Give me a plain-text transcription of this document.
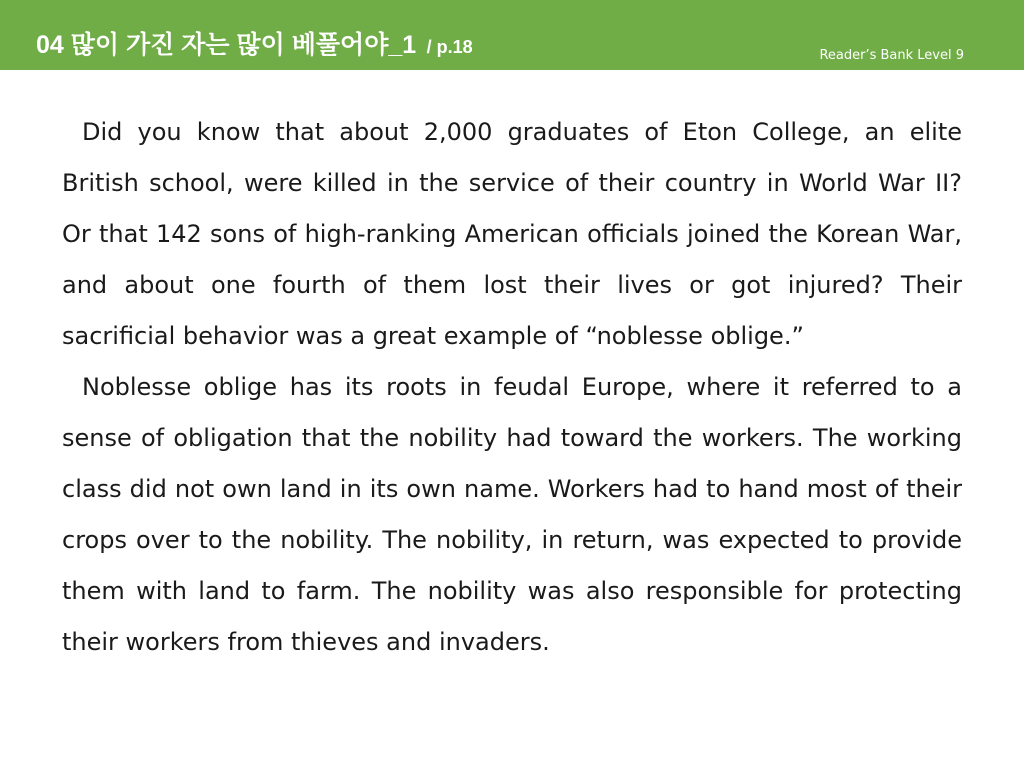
04 많이 가진 자는 많이 베풀어야_1 / p.18	Reader’s Bank Level 9

Did you know that about 2,000 graduates of Eton College, an elite British school, were killed in the service of their country in World War II? Or that 142 sons of high-ranking American officials joined the Korean War, and about one fourth of them lost their lives or got injured? Their sacrificial behavior was a great example of “noblesse oblige.”

Noblesse oblige has its roots in feudal Europe, where it referred to a sense of obligation that the nobility had toward the workers. The working class did not own land in its own name. Workers had to hand most of their crops over to the nobility. The nobility, in return, was expected to provide them with land to farm. The nobility was also responsible for protecting their workers from thieves and invaders.
